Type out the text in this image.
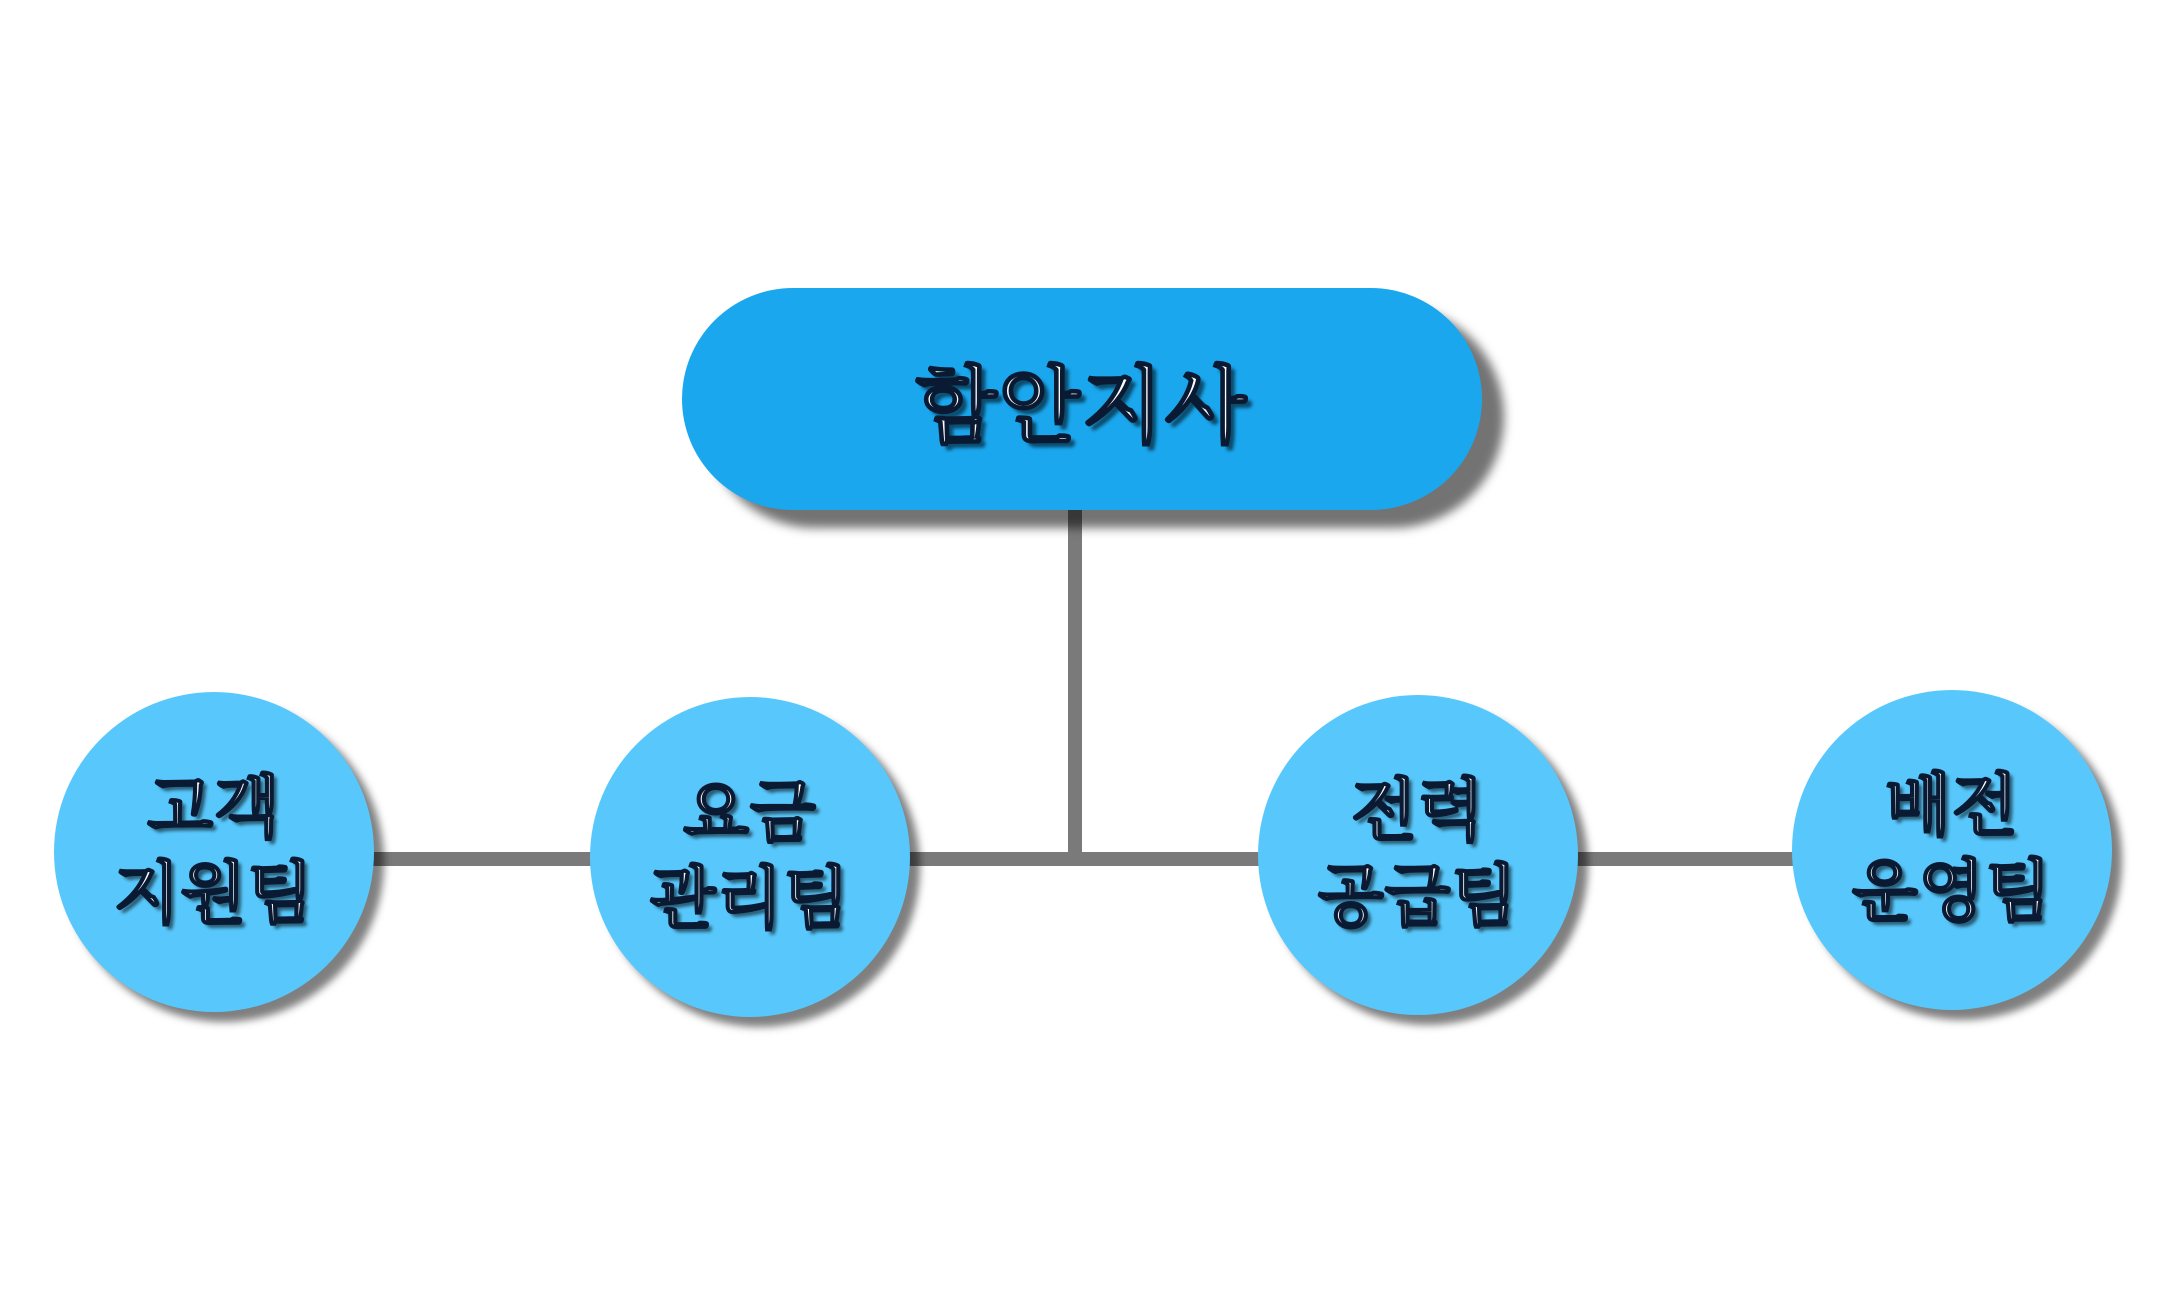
함안지사
고객
지원팀
요금
관리팀
전력
공급팀
배전
운영팀
